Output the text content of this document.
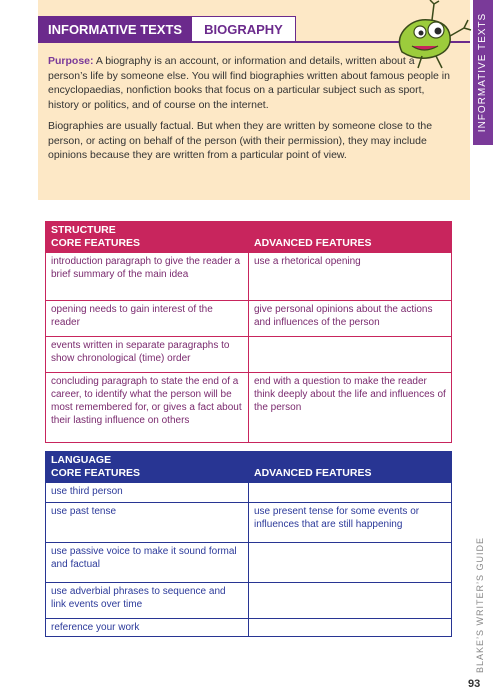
INFORMATIVE TEXTS	BIOGRAPHY	INFORMATIVE TEXTS

Purpose: A biography is an account, or information and details, written about a person’s life by someone else. You will find biographies written about famous people in encyclopaedias, nonfiction books that focus on a particular subject such as sport, history or politics, and of course on the internet.

Biographies are usually factual. But when they are written by someone close to the person, or acting on behalf of the person (with their permission), they may include opinions because they are written from a particular point of view.

STRUCTURE
CORE FEATURES	ADVANCED FEATURES
introduction paragraph to give the reader a brief summary of the main idea	use a rhetorical opening
opening needs to gain interest of the reader	give personal opinions about the actions and influences of the person
events written in separate paragraphs to show chronological (time) order	
concluding paragraph to state the end of a career, to identify what the person will be most remembered for, or gives a fact about their lasting influence on others	end with a question to make the reader think deeply about the life and influences of the person
LANGUAGE
CORE FEATURES	ADVANCED FEATURES
use third person	
use past tense	use present tense for some events or influences that are still happening
use passive voice to make it sound formal and factual	
use adverbial phrases to sequence and link events over time	
reference your work		BLAKE’S WRITER’S GUIDE
93
